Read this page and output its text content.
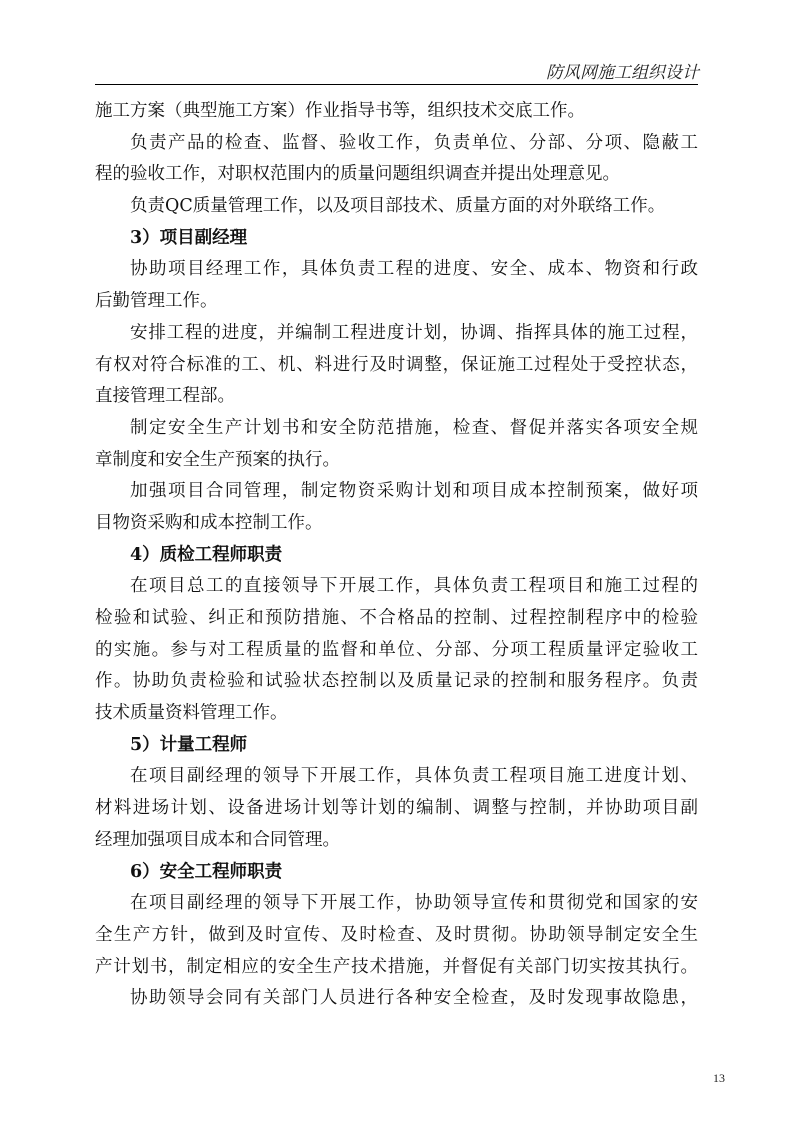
防风网施工组织设计
施工方案（典型施工方案）作业指导书等，组织技术交底工作。
负责产品的检查、监督、验收工作，负责单位、分部、分项、隐蔽工
程的验收工作，对职权范围内的质量问题组织调查并提出处理意见。
负责QC质量管理工作，以及项目部技术、质量方面的对外联络工作。
3）项目副经理
协助项目经理工作，具体负责工程的进度、安全、成本、物资和行政
后勤管理工作。
安排工程的进度，并编制工程进度计划，协调、指挥具体的施工过程，
有权对符合标准的工、机、料进行及时调整，保证施工过程处于受控状态，
直接管理工程部。
制定安全生产计划书和安全防范措施，检查、督促并落实各项安全规
章制度和安全生产预案的执行。
加强项目合同管理，制定物资采购计划和项目成本控制预案，做好项
目物资采购和成本控制工作。
4）质检工程师职责
在项目总工的直接领导下开展工作，具体负责工程项目和施工过程的
检验和试验、纠正和预防措施、不合格品的控制、过程控制程序中的检验
的实施。参与对工程质量的监督和单位、分部、分项工程质量评定验收工
作。协助负责检验和试验状态控制以及质量记录的控制和服务程序。负责
技术质量资料管理工作。
5）计量工程师
在项目副经理的领导下开展工作，具体负责工程项目施工进度计划、
材料进场计划、设备进场计划等计划的编制、调整与控制，并协助项目副
经理加强项目成本和合同管理。
6）安全工程师职责
在项目副经理的领导下开展工作，协助领导宣传和贯彻党和国家的安
全生产方针，做到及时宣传、及时检查、及时贯彻。协助领导制定安全生
产计划书，制定相应的安全生产技术措施，并督促有关部门切实按其执行。
协助领导会同有关部门人员进行各种安全检查，及时发现事故隐患，
13
